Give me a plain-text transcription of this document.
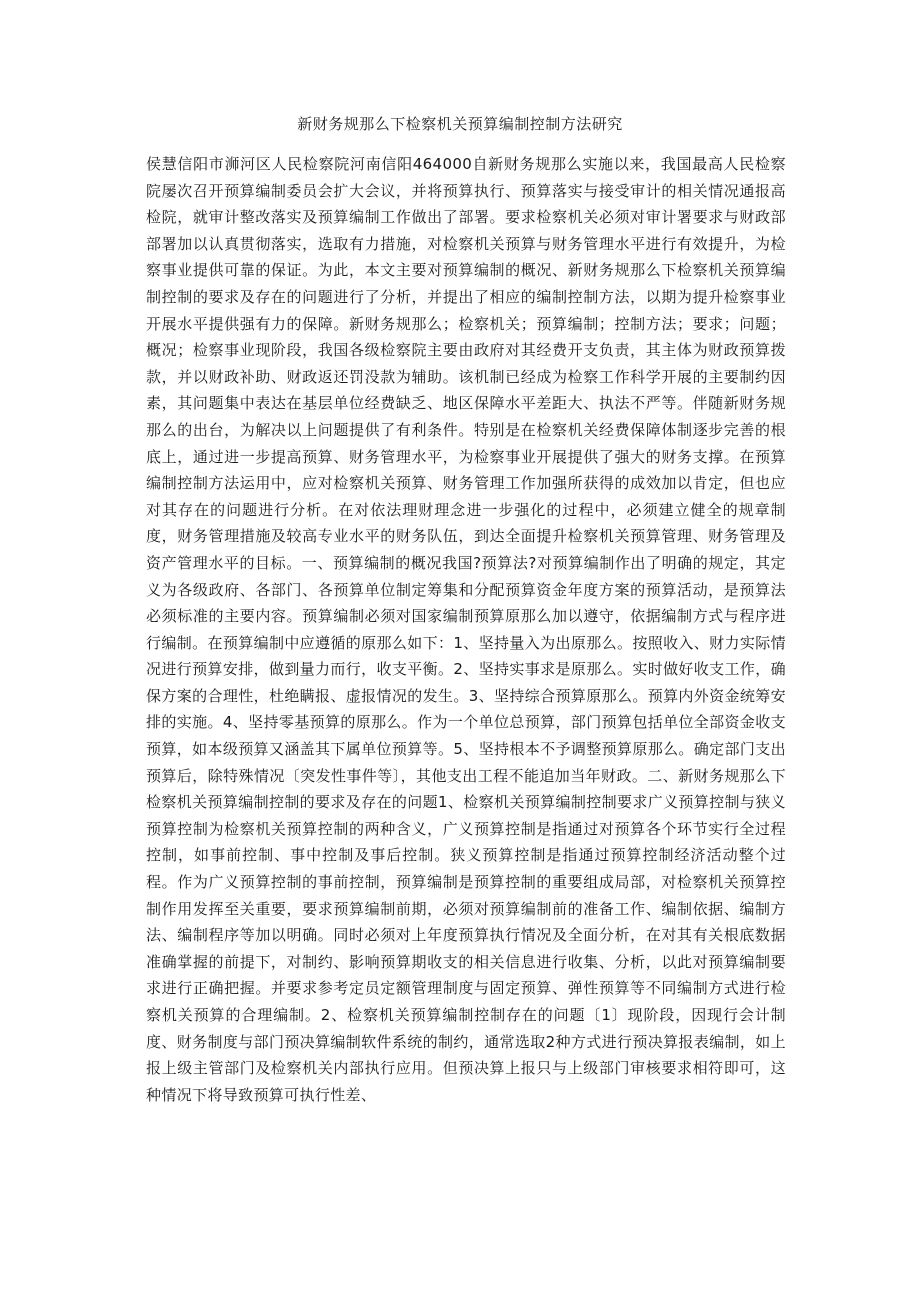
新财务规那么下检察机关预算编制控制方法研究

侯慧信阳市浉河区人民检察院河南信阳464000自新财务规那么实施以来，我国最高人民检察院屡次召开预算编制委员会扩大会议，并将预算执行、预算落实与接受审计的相关情况通报高检院，就审计整改落实及预算编制工作做出了部署。要求检察机关必须对审计署要求与财政部部署加以认真贯彻落实，选取有力措施，对检察机关预算与财务管理水平进行有效提升，为检察事业提供可靠的保证。为此，本文主要对预算编制的概况、新财务规那么下检察机关预算编制控制的要求及存在的问题进行了分析，并提出了相应的编制控制方法，以期为提升检察事业开展水平提供强有力的保障。新财务规那么；检察机关；预算编制；控制方法；要求；问题；概况；检察事业现阶段，我国各级检察院主要由政府对其经费开支负责，其主体为财政预算拨款，并以财政补助、财政返还罚没款为辅助。该机制已经成为检察工作科学开展的主要制约因素，其问题集中表达在基层单位经费缺乏、地区保障水平差距大、执法不严等。伴随新财务规那么的出台，为解决以上问题提供了有利条件。特别是在检察机关经费保障体制逐步完善的根底上，通过进一步提高预算、财务管理水平，为检察事业开展提供了强大的财务支撑。在预算编制控制方法运用中，应对检察机关预算、财务管理工作加强所获得的成效加以肯定，但也应对其存在的问题进行分析。在对依法理财理念进一步强化的过程中，必须建立健全的规章制度，财务管理措施及较高专业水平的财务队伍，到达全面提升检察机关预算管理、财务管理及资产管理水平的目标。一、预算编制的概况我国?预算法?对预算编制作出了明确的规定，其定义为各级政府、各部门、各预算单位制定筹集和分配预算资金年度方案的预算活动，是预算法必须标准的主要内容。预算编制必须对国家编制预算原那么加以遵守，依据编制方式与程序进行编制。在预算编制中应遵循的原那么如下：1、坚持量入为出原那么。按照收入、财力实际情况进行预算安排，做到量力而行，收支平衡。2、坚持实事求是原那么。实时做好收支工作，确保方案的合理性，杜绝瞒报、虚报情况的发生。3、坚持综合预算原那么。预算内外资金统筹安排的实施。4、坚持零基预算的原那么。作为一个单位总预算，部门预算包括单位全部资金收支预算，如本级预算又涵盖其下属单位预算等。5、坚持根本不予调整预算原那么。确定部门支出预算后，除特殊情况〔突发性事件等〕，其他支出工程不能追加当年财政。二、新财务规那么下检察机关预算编制控制的要求及存在的问题1、检察机关预算编制控制要求广义预算控制与狭义预算控制为检察机关预算控制的两种含义，广义预算控制是指通过对预算各个环节实行全过程控制，如事前控制、事中控制及事后控制。狭义预算控制是指通过预算控制经济活动整个过程。作为广义预算控制的事前控制，预算编制是预算控制的重要组成局部，对检察机关预算控制作用发挥至关重要，要求预算编制前期，必须对预算编制前的准备工作、编制依据、编制方法、编制程序等加以明确。同时必须对上年度预算执行情况及全面分析，在对其有关根底数据准确掌握的前提下，对制约、影响预算期收支的相关信息进行收集、分析，以此对预算编制要求进行正确把握。并要求参考定员定额管理制度与固定预算、弹性预算等不同编制方式进行检察机关预算的合理编制。2、检察机关预算编制控制存在的问题〔1〕现阶段，因现行会计制度、财务制度与部门预决算编制软件系统的制约，通常选取2种方式进行预决算报表编制，如上报上级主管部门及检察机关内部执行应用。但预决算上报只与上级部门审核要求相符即可，这种情况下将导致预算可执行性差、
